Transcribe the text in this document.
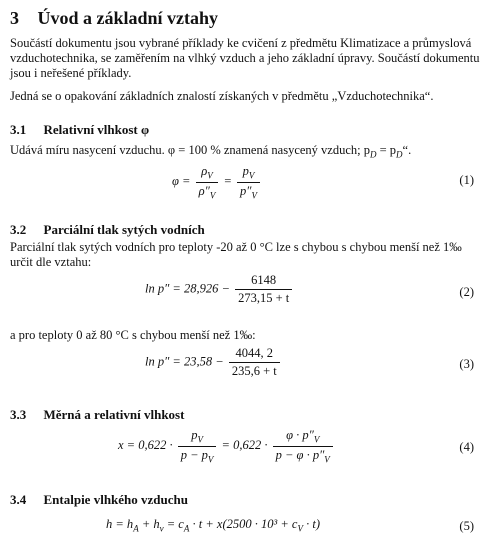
3 Úvod a základní vztahy
Součástí dokumentu jsou vybrané příklady ke cvičení z předmětu Klimatizace a průmyslová
vzduchotechnika, se zaměřením na vlhký vzduch a jeho základní úpravy. Součástí dokumentu
jsou i neřešené příklady.
Jedná se o opakování základních znalostí získaných v předmětu „Vzduchotechnika“.
3.1 Relativní vlhkost φ
Udává míru nasycení vzduchu. φ = 100 % znamená nasycený vzduch; $p_D$ = $p_D“$.
$\varphi = \frac{\rho_V}{\rho''_V} = \frac{p_V}{p''_V}$	(1)
3.2 Parciální tlak sytých vodních
Parciální tlak sytých vodních pro teploty -20 až 0 °C lze s chybou s chybou menší než 1‰
určit dle vztahu:
$\ln p'' = 28,926 - \frac{6148}{273,15 + t}$	(2)
a pro teploty 0 až 80 °C s chybou menší než 1‰:
$\ln p'' = 23,58 - \frac{4044, 2}{235,6 + t}$	(3)
3.3 Měrná a relativní vlhkost
$x = 0,622 \cdot \frac{p_V}{p - p_V} = 0,622 \cdot \frac{\varphi \cdot p''_V}{p - \varphi \cdot p''_V}$	(4)
3.4 Entalpie vlhkého vzduchu
$h = h_A + h_v = c_A \cdot t + x(2500 \cdot 10^3 + c_V \cdot t)$	(5)
